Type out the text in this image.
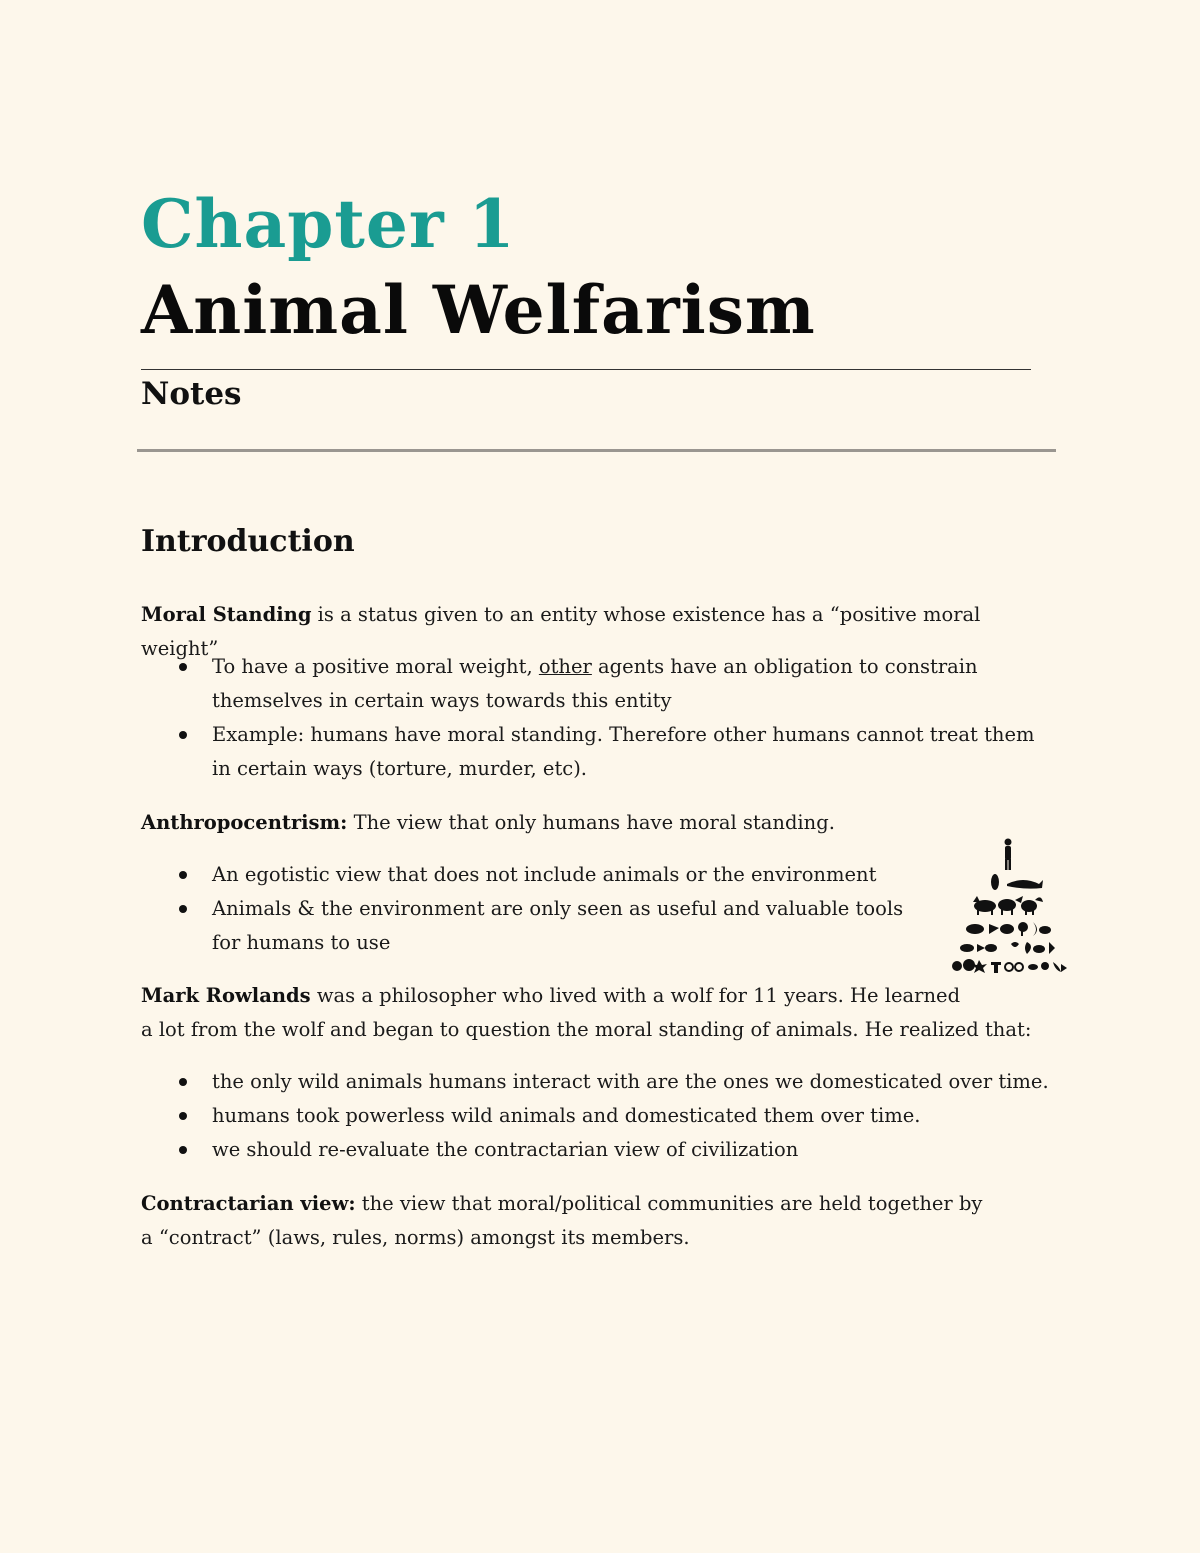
Chapter 1
Animal Welfarism
Notes
Introduction
Moral Standing is a status given to an entity whose existence has a “positive moral weight”
To have a positive moral weight, other agents have an obligation to constrain themselves in certain ways towards this entity
Example: humans have moral standing. Therefore other humans cannot treat them in certain ways (torture, murder, etc).
Anthropocentrism: The view that only humans have moral standing.
An egotistic view that does not include animals or the environment
Animals & the environment are only seen as useful and valuable tools for humans to use
Mark Rowlands was a philosopher who lived with a wolf for 11 years. He learned
a lot from the wolf and began to question the moral standing of animals. He realized that:
the only wild animals humans interact with are the ones we domesticated over time.
humans took powerless wild animals and domesticated them over time.
we should re-evaluate the contractarian view of civilization
Contractarian view: the view that moral/political communities are held together by a “contract” (laws, rules, norms) amongst its members.
